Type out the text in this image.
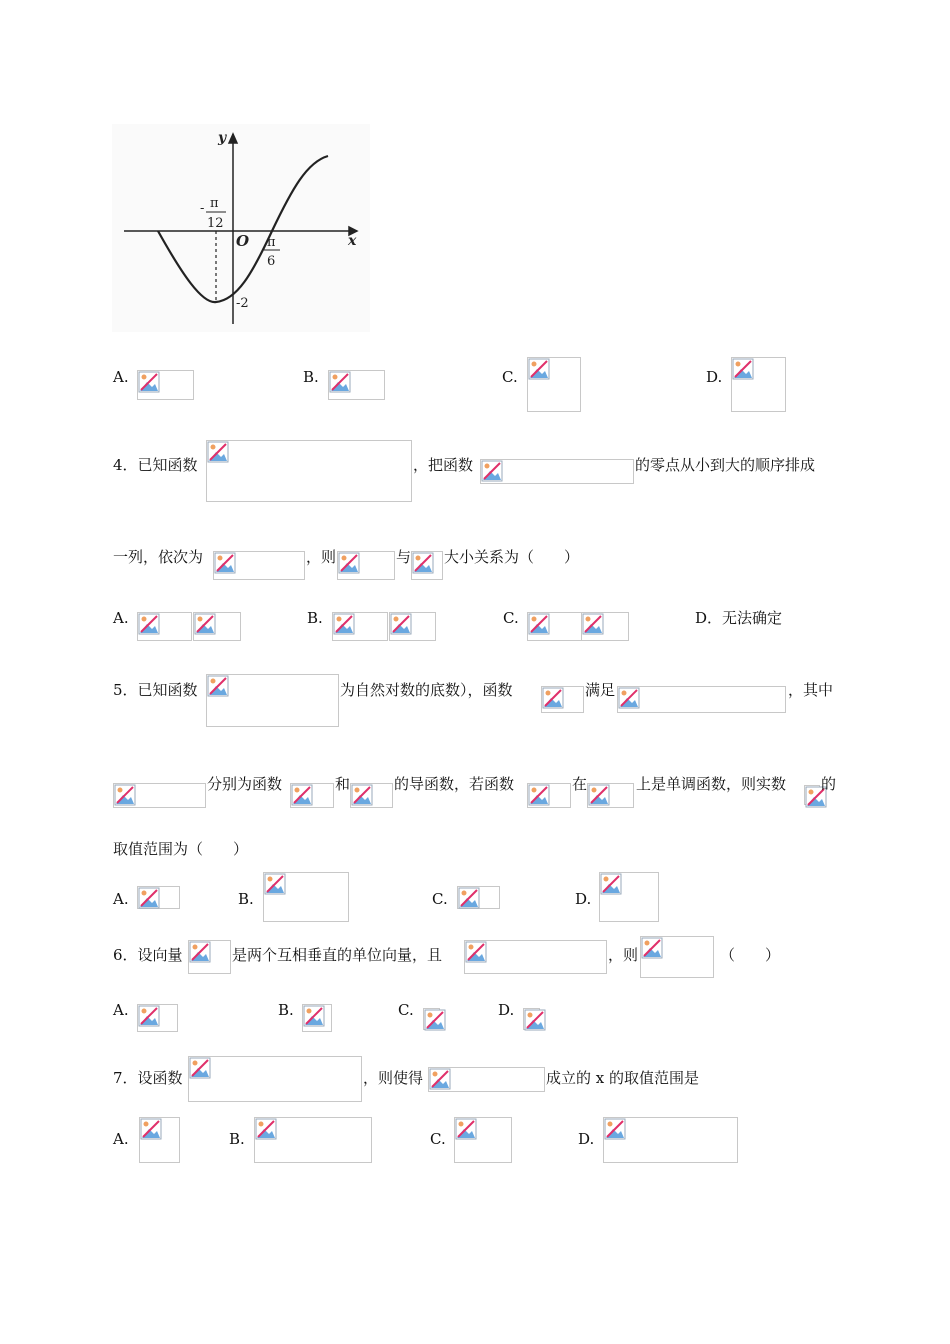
y
x
O
- π
12
π
6
-2
A.	B.	C.	D.
4．已知函数	，把函数	的零点从小到大的顺序排成
一列，依次为	，则	与 大小关系为（　　）
A.	B.	C.	D．无法确定
5．已知函数	为自然对数的底数），函数	满足	，其中
分别为函数	和	的导函数，若函数	在	上是单调函数，则实数 的
取值范围为（　　）
A.	B.	C.	D.
6．设向量	是两个互相垂直的单位向量，且	，则	（　　）
A.	B.	C.	D.
7．设函数	，则使得	成立的 x 的取值范围是
A.	B.	C.	D.
